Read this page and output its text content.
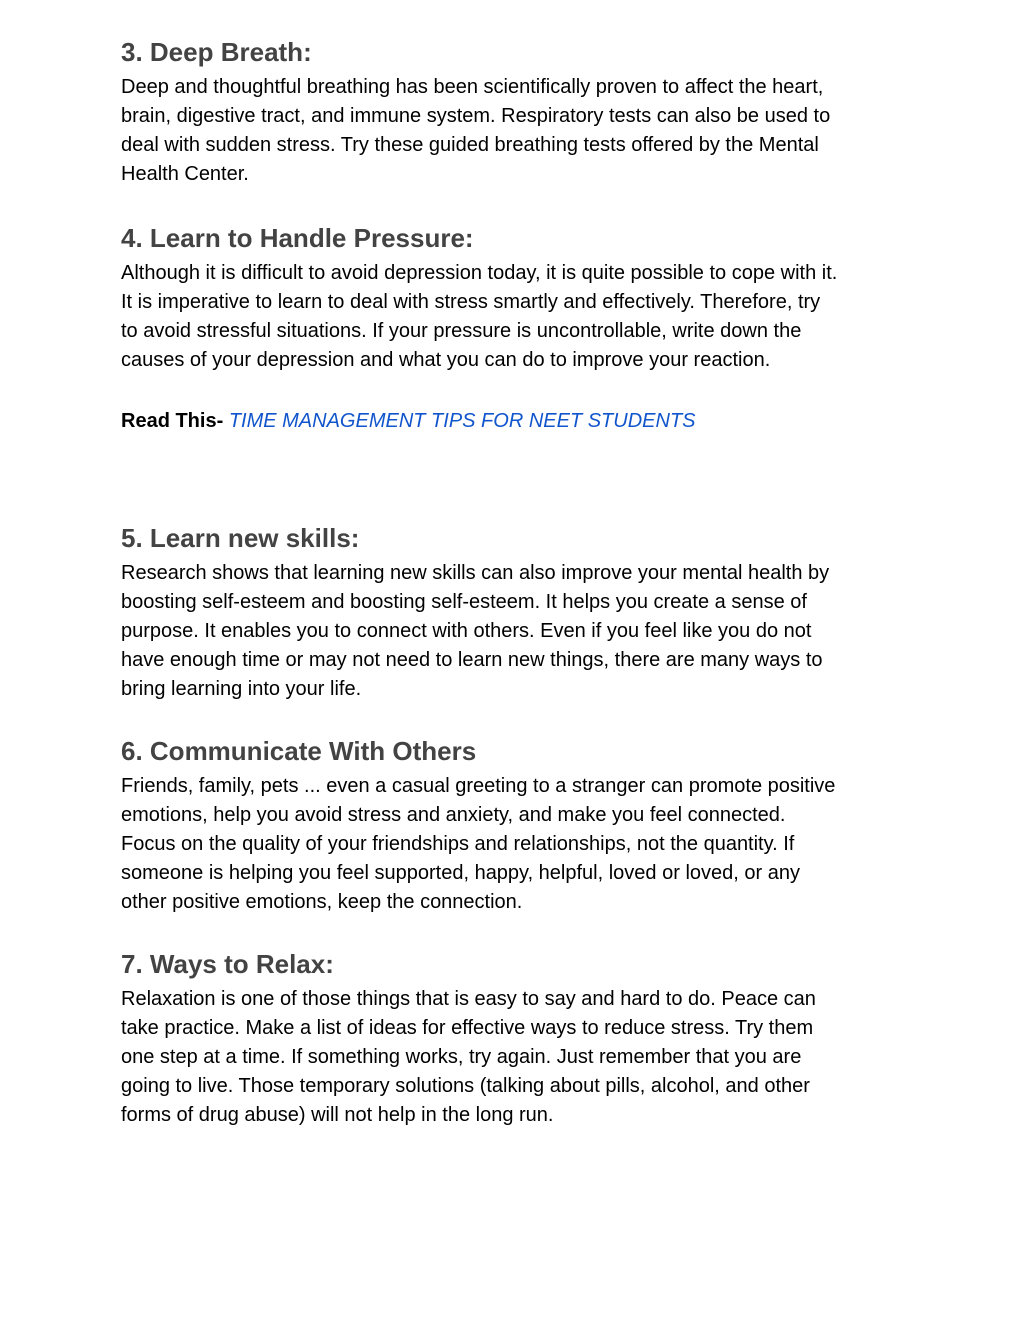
3. Deep Breath:

Deep and thoughtful breathing has been scientifically proven to affect the heart,
brain, digestive tract, and immune system. Respiratory tests can also be used to
deal with sudden stress. Try these guided breathing tests offered by the Mental
Health Center.

4. Learn to Handle Pressure:

Although it is difficult to avoid depression today, it is quite possible to cope with it.
It is imperative to learn to deal with stress smartly and effectively. Therefore, try
to avoid stressful situations. If your pressure is uncontrollable, write down the
causes of your depression and what you can do to improve your reaction.

Read This- TIME MANAGEMENT TIPS FOR NEET STUDENTS
5. Learn new skills:

Research shows that learning new skills can also improve your mental health by
boosting self-esteem and boosting self-esteem. It helps you create a sense of
purpose. It enables you to connect with others. Even if you feel like you do not
have enough time or may not need to learn new things, there are many ways to
bring learning into your life.

6. Communicate With Others

Friends, family, pets ... even a casual greeting to a stranger can promote positive
emotions, help you avoid stress and anxiety, and make you feel connected.
Focus on the quality of your friendships and relationships, not the quantity. If
someone is helping you feel supported, happy, helpful, loved or loved, or any
other positive emotions, keep the connection.

7. Ways to Relax:

Relaxation is one of those things that is easy to say and hard to do. Peace can
take practice. Make a list of ideas for effective ways to reduce stress. Try them
one step at a time. If something works, try again. Just remember that you are
going to live. Those temporary solutions (talking about pills, alcohol, and other
forms of drug abuse) will not help in the long run.
